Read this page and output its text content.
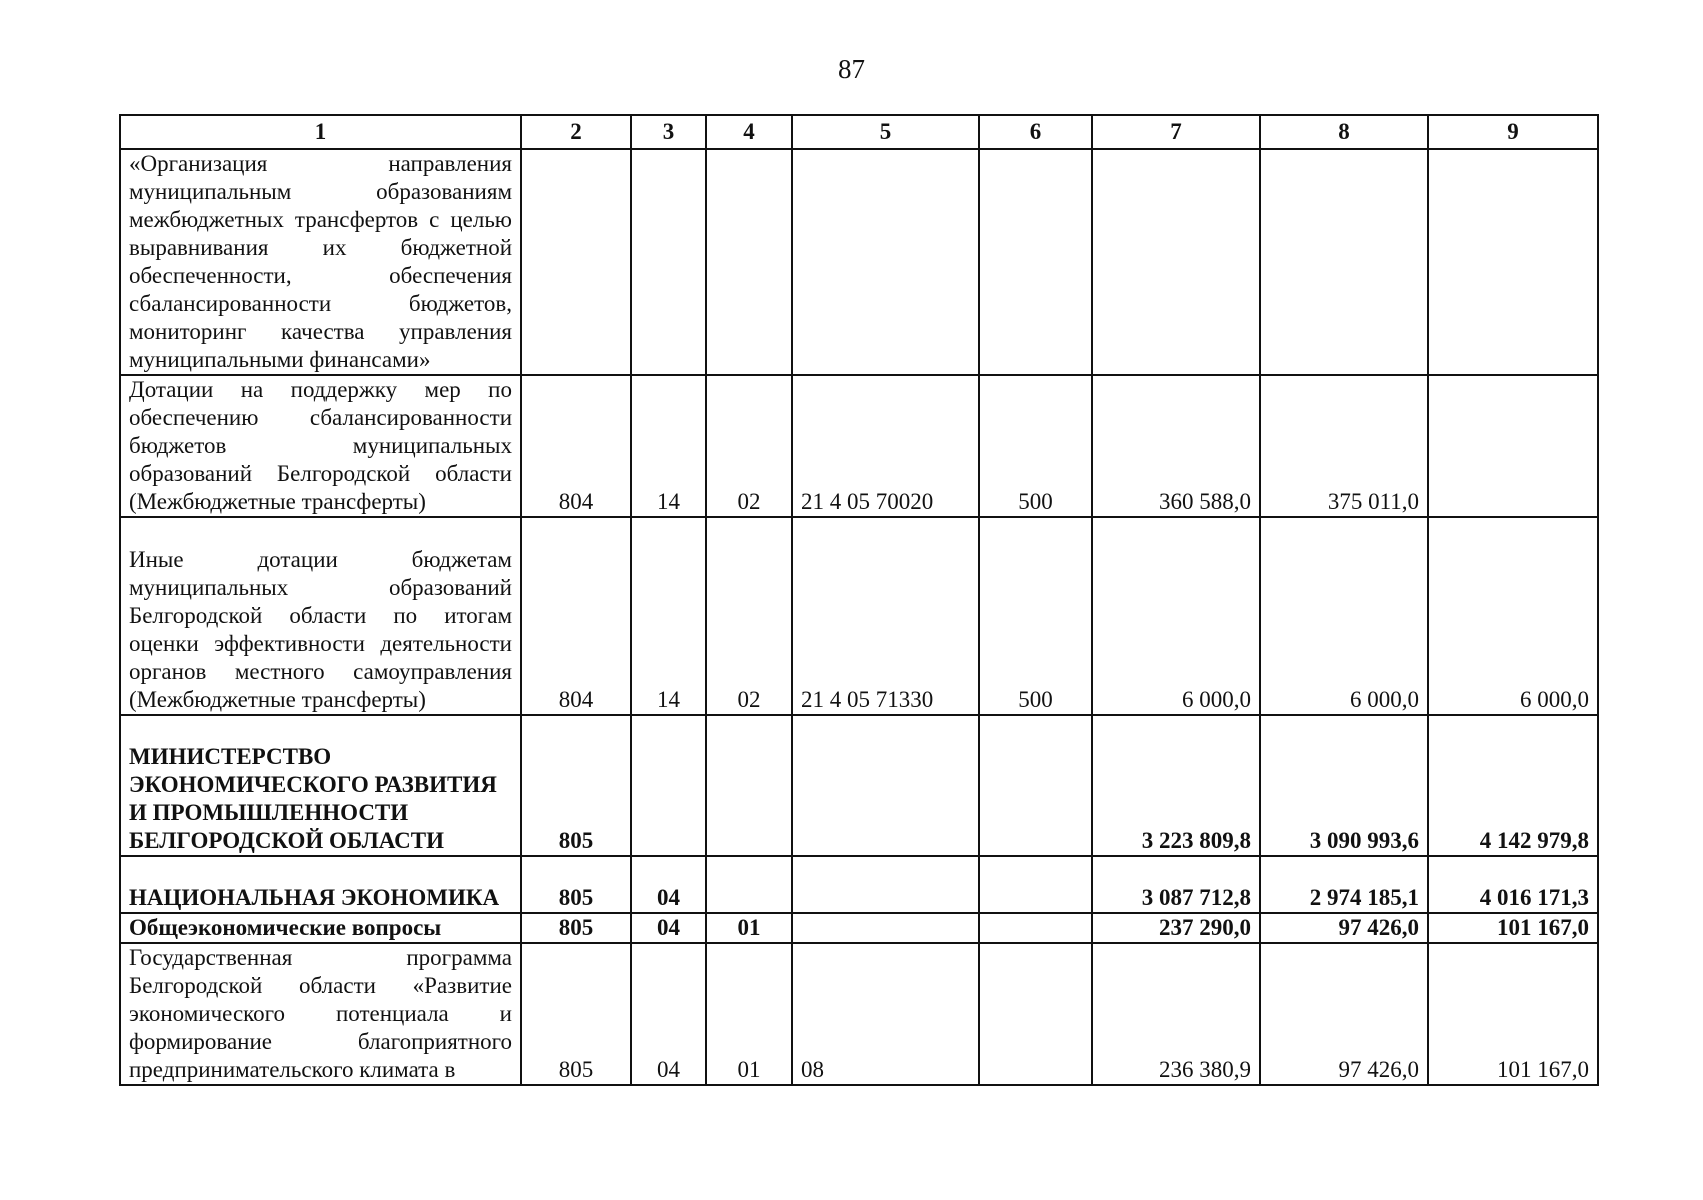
87
1	2	3	4	5	6	7	8	9
«Организация направления муниципальным образованиям межбюджетных трансфертов с целью выравнивания их бюджетной обеспеченности, обеспечения сбалансированности бюджетов, мониторинг качества управления муниципальными финансами»								
Дотации на поддержку мер по обеспечению сбалансированности бюджетов муниципальных образований Белгородской области (Межбюджетные трансферты)	804	14	02	21 4 05 70020	500	360 588,0	375 011,0	
Иные дотации бюджетам муниципальных образований Белгородской области по итогам оценки эффективности деятельности органов местного самоуправления (Межбюджетные трансферты)	804	14	02	21 4 05 71330	500	6 000,0	6 000,0	6 000,0
МИНИСТЕРСТВО ЭКОНОМИЧЕСКОГО РАЗВИТИЯ И ПРОМЫШЛЕННОСТИ БЕЛГОРОДСКОЙ ОБЛАСТИ	805					3 223 809,8	3 090 993,6	4 142 979,8
НАЦИОНАЛЬНАЯ ЭКОНОМИКА	805	04				3 087 712,8	2 974 185,1	4 016 171,3
Общеэкономические вопросы	805	04	01			237 290,0	97 426,0	101 167,0
Государственная программа Белгородской области «Развитие экономического потенциала и формирование благоприятного предпринимательского климата в	805	04	01	08		236 380,9	97 426,0	101 167,0
